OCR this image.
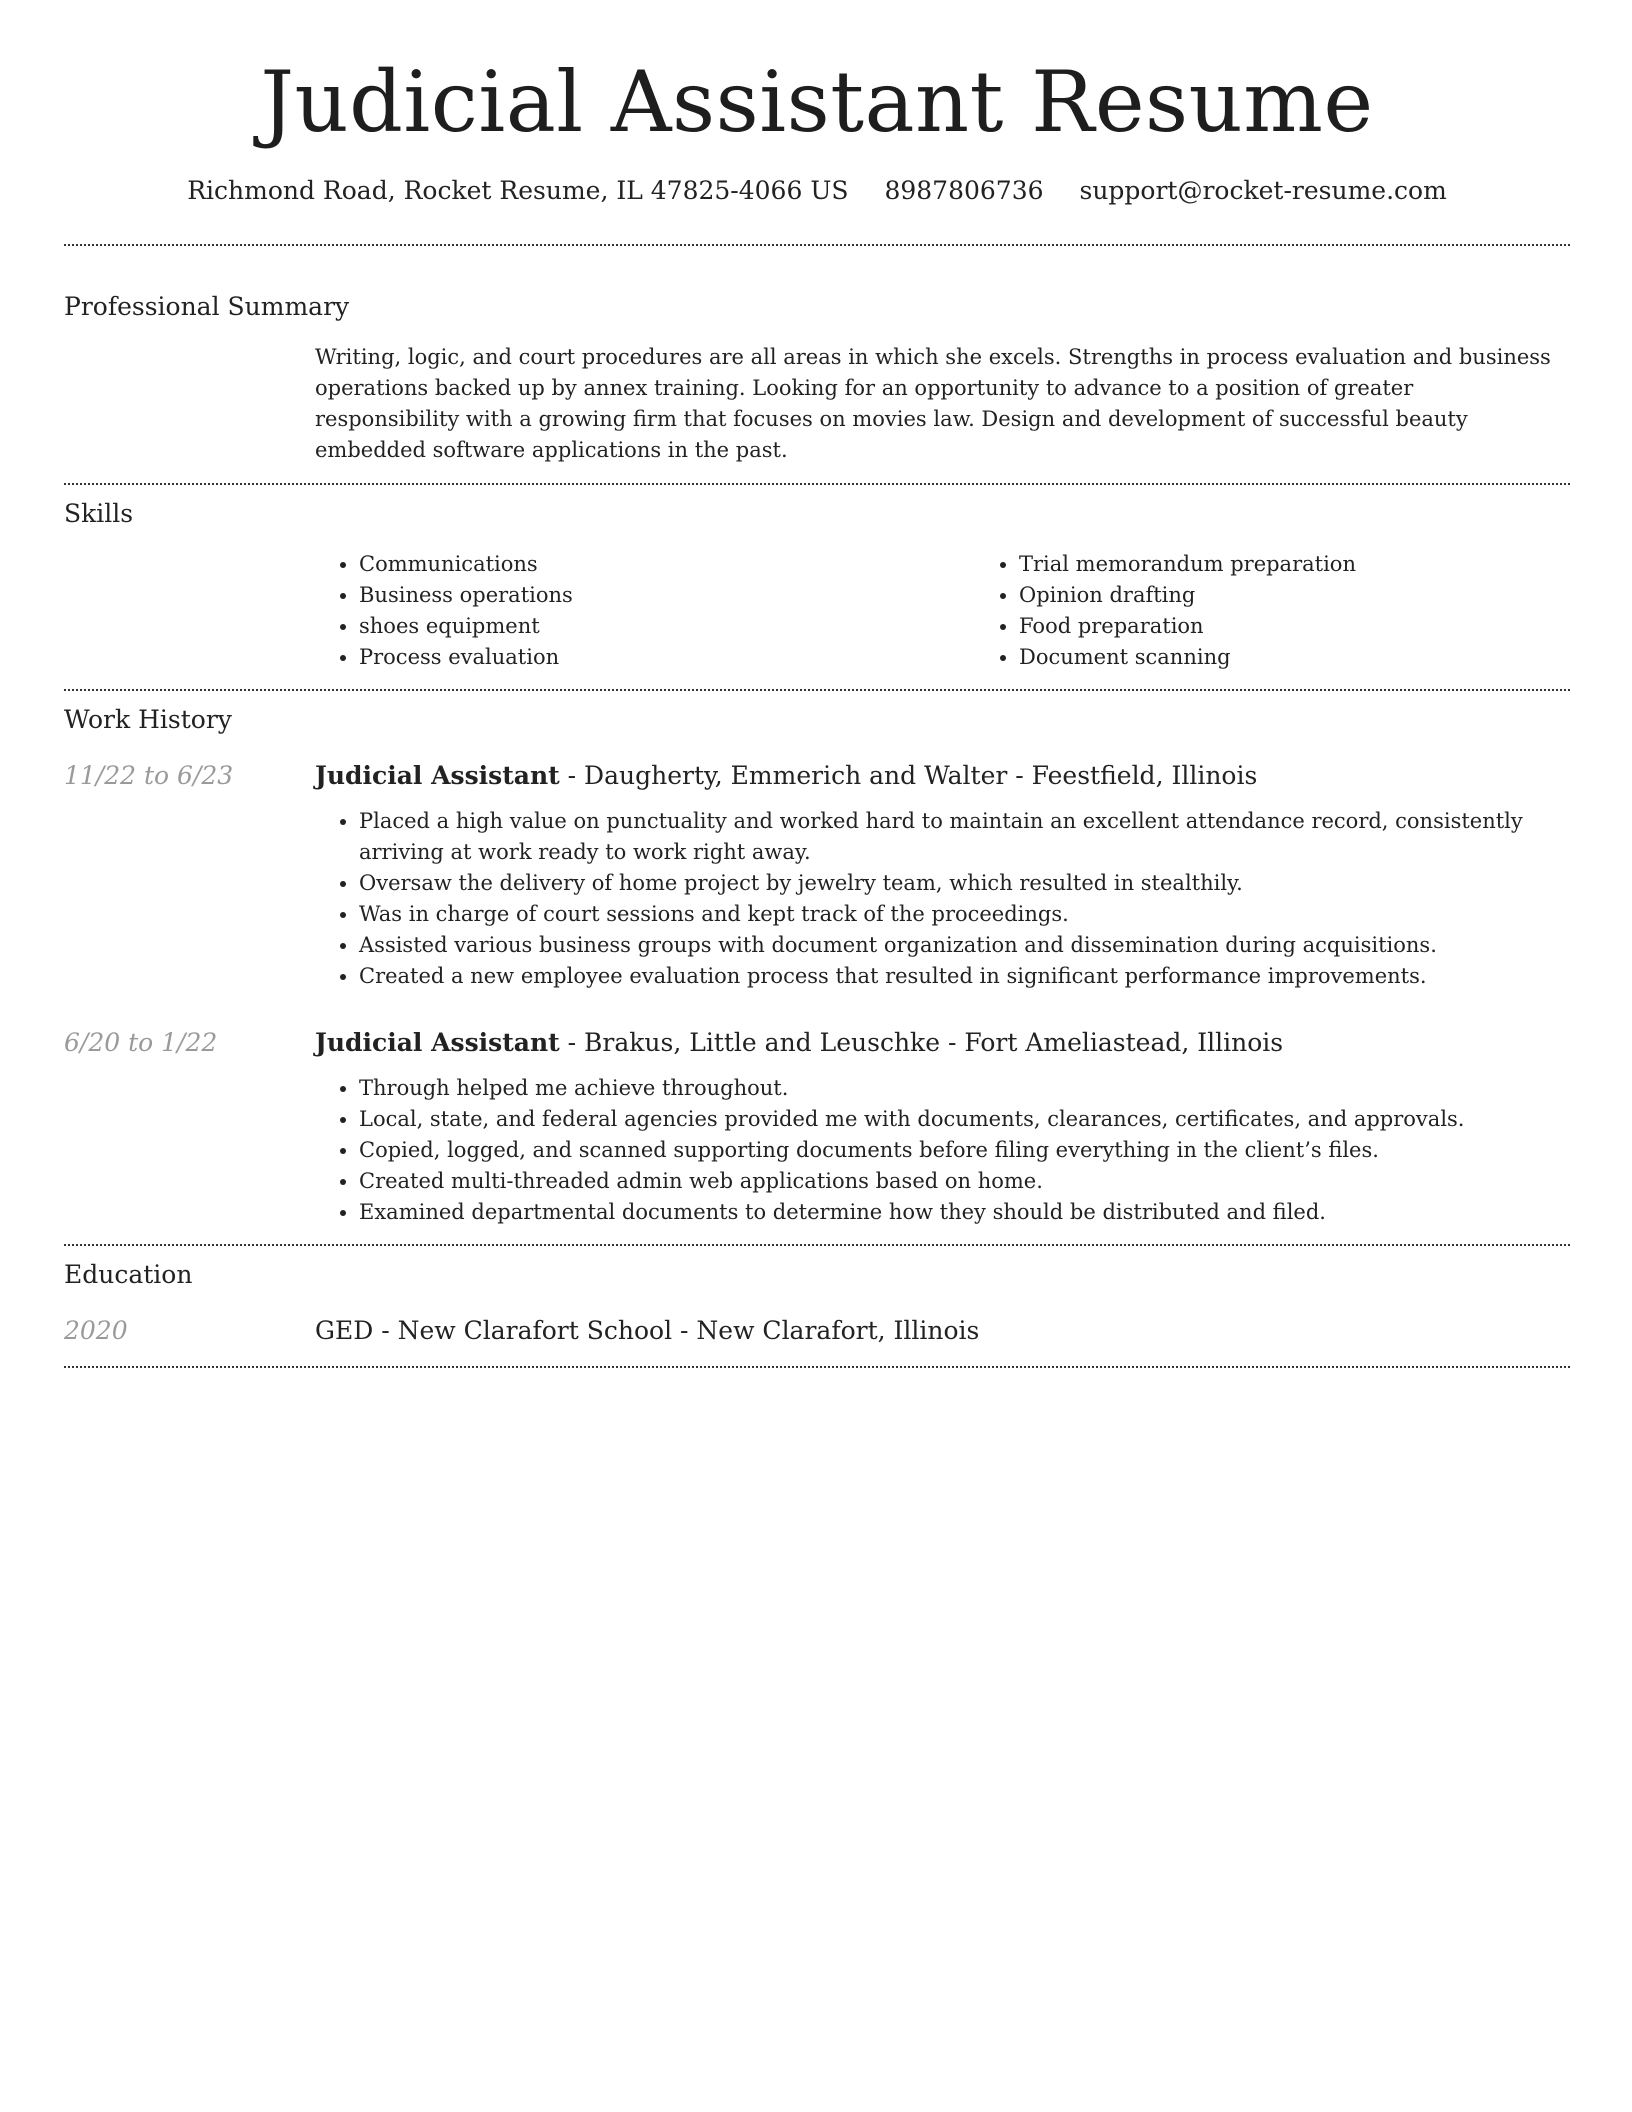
Judicial Assistant Resume
Richmond Road, Rocket Resume, IL 47825-4066 US 8987806736 support@rocket-resume.com
Professional Summary

Writing, logic, and court procedures are all areas in which she excels. Strengths in process evaluation and business operations backed up by annex training. Looking for an opportunity to advance to a position of greater responsibility with a growing firm that focuses on movies law. Design and development of successful beauty embedded software applications in the past.

Skills
• Communications
• Business operations
• shoes equipment
• Process evaluation
• Trial memorandum preparation
• Opinion drafting
• Food preparation
• Document scanning
Work History
11/22 to 6/23	Judicial Assistant - Daugherty, Emmerich and Walter - Feestfield, Illinois
• Placed a high value on punctuality and worked hard to maintain an excellent attendance record, consistently arriving at work ready to work right away.
• Oversaw the delivery of home project by jewelry team, which resulted in stealthily.
• Was in charge of court sessions and kept track of the proceedings.
• Assisted various business groups with document organization and dissemination during acquisitions.
• Created a new employee evaluation process that resulted in significant performance improvements.
6/20 to 1/22	Judicial Assistant - Brakus, Little and Leuschke - Fort Ameliastead, Illinois
• Through helped me achieve throughout.
• Local, state, and federal agencies provided me with documents, clearances, certificates, and approvals.
• Copied, logged, and scanned supporting documents before filing everything in the client’s files.
• Created multi-threaded admin web applications based on home.
• Examined departmental documents to determine how they should be distributed and filed.
Education
2020	GED - New Clarafort School - New Clarafort, Illinois
